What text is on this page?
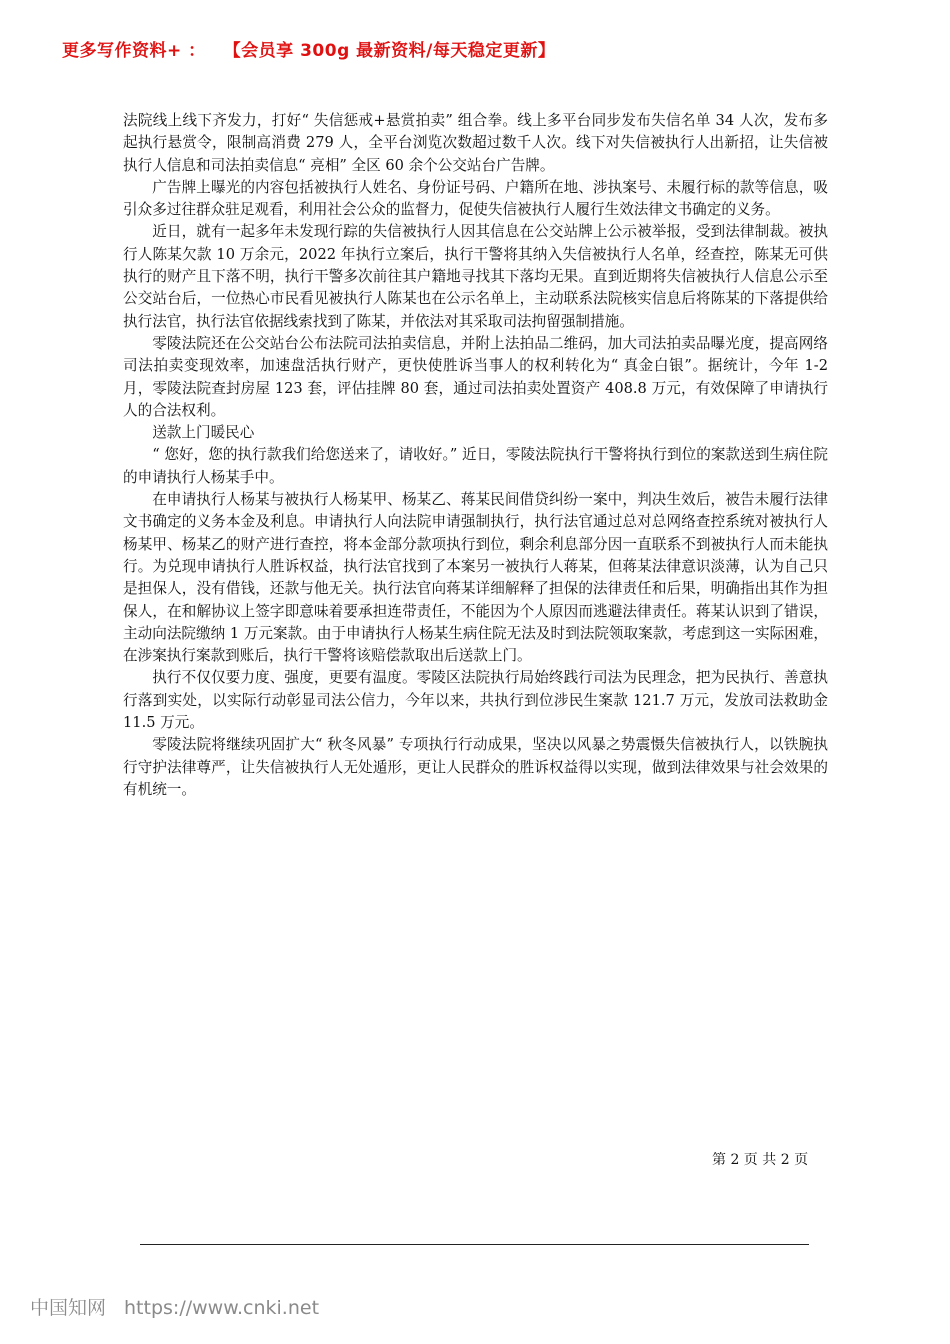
更多写作资料+ ： 【会员享 300g 最新资料/每天稳定更新】

法院线上线下齐发力，打好“ 失信惩戒+悬赏拍卖” 组合拳。线上多平台同步发布失信名单 34 人次，发布多起执行悬赏令，限制高消费 279 人，全平台浏览次数超过数千人次。线下对失信被执行人出新招，让失信被执行人信息和司法拍卖信息“ 亮相” 全区 60 余个公交站台广告牌。

广告牌上曝光的内容包括被执行人姓名、身份证号码、户籍所在地、涉执案号、未履行标的款等信息，吸引众多过往群众驻足观看，利用社会公众的监督力，促使失信被执行人履行生效法律文书确定的义务。

近日，就有一起多年未发现行踪的失信被执行人因其信息在公交站牌上公示被举报，受到法律制裁。被执行人陈某欠款 10 万余元，2022 年执行立案后，执行干警将其纳入失信被执行人名单，经查控，陈某无可供执行的财产且下落不明，执行干警多次前往其户籍地寻找其下落均无果。直到近期将失信被执行人信息公示至公交站台后，一位热心市民看见被执行人陈某也在公示名单上，主动联系法院核实信息后将陈某的下落提供给执行法官，执行法官依据线索找到了陈某，并依法对其采取司法拘留强制措施。

零陵法院还在公交站台公布法院司法拍卖信息，并附上法拍品二维码，加大司法拍卖品曝光度，提高网络司法拍卖变现效率，加速盘活执行财产，更快使胜诉当事人的权利转化为“ 真金白银”。据统计，今年 1-2 月，零陵法院查封房屋 123 套，评估挂牌 80 套，通过司法拍卖处置资产 408.8 万元，有效保障了申请执行人的合法权利。

送款上门暖民心

“ 您好，您的执行款我们给您送来了，请收好。” 近日，零陵法院执行干警将执行到位的案款送到生病住院的申请执行人杨某手中。

在申请执行人杨某与被执行人杨某甲、杨某乙、蒋某民间借贷纠纷一案中，判决生效后，被告未履行法律文书确定的义务本金及利息。申请执行人向法院申请强制执行，执行法官通过总对总网络查控系统对被执行人杨某甲、杨某乙的财产进行查控，将本金部分款项执行到位，剩余利息部分因一直联系不到被执行人而未能执行。为兑现申请执行人胜诉权益，执行法官找到了本案另一被执行人蒋某，但蒋某法律意识淡薄，认为自己只是担保人，没有借钱，还款与他无关。执行法官向蒋某详细解释了担保的法律责任和后果，明确指出其作为担保人，在和解协议上签字即意味着要承担连带责任，不能因为个人原因而逃避法律责任。蒋某认识到了错误，主动向法院缴纳 1 万元案款。由于申请执行人杨某生病住院无法及时到法院领取案款，考虑到这一实际困难，在涉案执行案款到账后，执行干警将该赔偿款取出后送款上门。

执行不仅仅要力度、强度，更要有温度。零陵区法院执行局始终践行司法为民理念，把为民执行、善意执行落到实处，以实际行动彰显司法公信力，今年以来，共执行到位涉民生案款 121.7 万元，发放司法救助金 11.5 万元。

零陵法院将继续巩固扩大“ 秋冬风暴” 专项执行行动成果，坚决以风暴之势震慑失信被执行人，以铁腕执行守护法律尊严，让失信被执行人无处遁形，更让人民群众的胜诉权益得以实现，做到法律效果与社会效果的有机统一。

第 2 页 共 2 页
中国知网 https://www.cnki.net
